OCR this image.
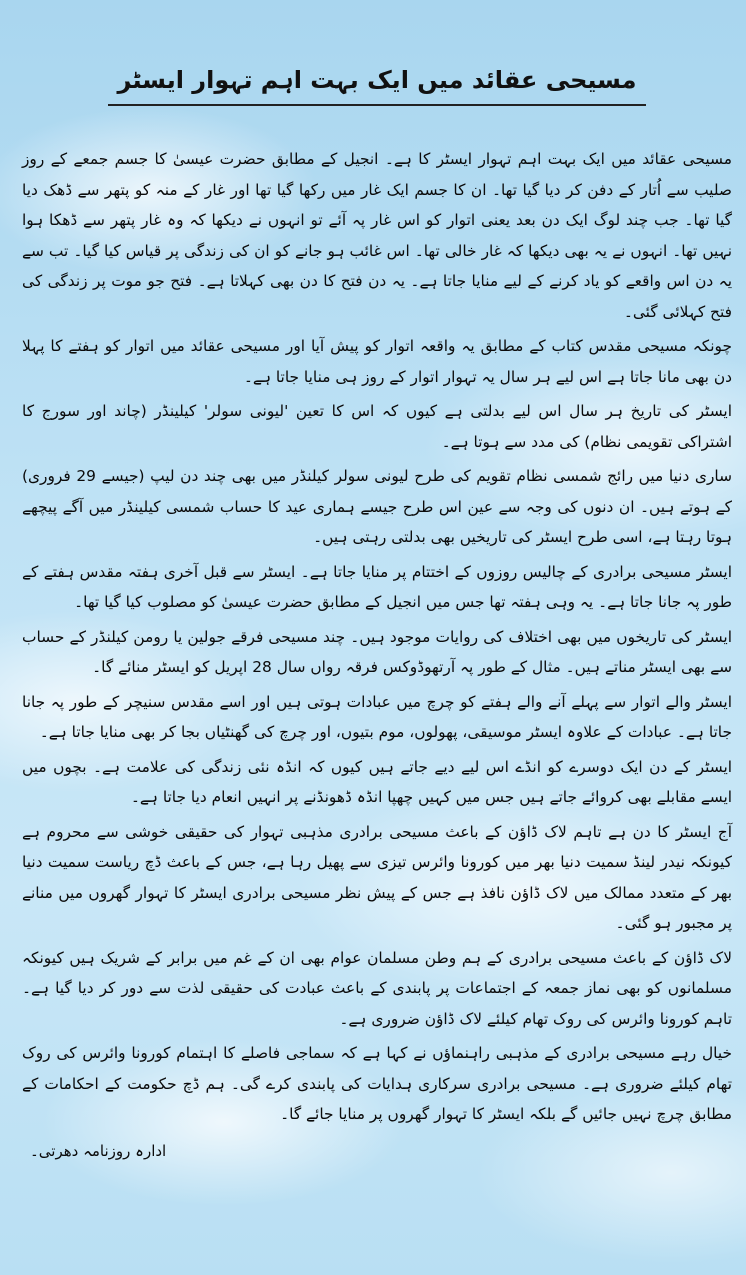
مسیحی عقائد میں ایک بہت اہم تہوار ایسٹر

مسیحی عقائد میں ایک بہت اہم تہوار ایسٹر کا ہے۔ انجیل کے مطابق حضرت عیسیٰ کا جسم جمعے کے روز صلیب سے اُتار کے دفن کر دیا گیا تھا۔ ان کا جسم ایک غار میں رکھا گیا تھا اور غار کے منہ کو پتھر سے ڈھک دیا گیا تھا۔ جب چند لوگ ایک دن بعد یعنی اتوار کو اس غار پہ آئے تو انہوں نے دیکھا کہ وہ غار پتھر سے ڈھکا ہوا نہیں تھا۔ انہوں نے یہ بھی دیکھا کہ غار خالی تھا۔ اس غائب ہو جانے کو ان کی زندگی پر قیاس کیا گیا۔ تب سے یہ دن اس واقعے کو یاد کرنے کے لیے منایا جاتا ہے۔ یہ دن فتح کا دن بھی کہلاتا ہے۔ فتح جو موت پر زندگی کی فتح کہلائی گئی۔

چونکہ مسیحی مقدس کتاب کے مطابق یہ واقعہ اتوار کو پیش آیا اور مسیحی عقائد میں اتوار کو ہفتے کا پہلا دن بھی مانا جاتا ہے اس لیے ہر سال یہ تہوار اتوار کے روز ہی منایا جاتا ہے۔

ایسٹر کی تاریخ ہر سال اس لیے بدلتی ہے کیوں کہ اس کا تعین 'لیونی سولر' کیلینڈر (چاند اور سورج کا اشتراکی تقویمی نظام) کی مدد سے ہوتا ہے۔

ساری دنیا میں رائج شمسی نظام تقویم کی طرح لیونی سولر کیلنڈر میں بھی چند دن لیپ (جیسے 29 فروری) کے ہوتے ہیں۔ ان دنوں کی وجہ سے عین اس طرح جیسے ہماری عید کا حساب شمسی کیلینڈر میں آگے پیچھے ہوتا رہتا ہے، اسی طرح ایسٹر کی تاریخیں بھی بدلتی رہتی ہیں۔

ایسٹر مسیحی برادری کے چالیس روزوں کے اختتام پر منایا جاتا ہے۔ ایسٹر سے قبل آخری ہفتہ مقدس ہفتے کے طور پہ جانا جاتا ہے۔ یہ وہی ہفتہ تھا جس میں انجیل کے مطابق حضرت عیسیٰ کو مصلوب کیا گیا تھا۔

ایسٹر کی تاریخوں میں بھی اختلاف کی روایات موجود ہیں۔ چند مسیحی فرقے جولین یا رومن کیلنڈر کے حساب سے بھی ایسٹر مناتے ہیں۔ مثال کے طور پہ آرتھوڈوکس فرقہ رواں سال 28 اپریل کو ایسٹر منائے گا۔

ایسٹر والے اتوار سے پہلے آنے والے ہفتے کو چرچ میں عبادات ہوتی ہیں اور اسے مقدس سنیچر کے طور پہ جانا جاتا ہے۔ عبادات کے علاوہ ایسٹر موسیقی، پھولوں، موم بتیوں، اور چرچ کی گھنٹیاں بجا کر بھی منایا جاتا ہے۔

ایسٹر کے دن ایک دوسرے کو انڈے اس لیے دیے جاتے ہیں کیوں کہ انڈہ نئی زندگی کی علامت ہے۔ بچوں میں ایسے مقابلے بھی کروائے جاتے ہیں جس میں کہیں چھپا انڈہ ڈھونڈنے پر انہیں انعام دیا جاتا ہے۔

آج ایسٹر کا دن ہے تاہم لاک ڈاؤن کے باعث مسیحی برادری مذہبی تہوار کی حقیقی خوشی سے محروم ہے کیونکہ نیدر لینڈ سمیت دنیا بھر میں کورونا وائرس تیزی سے پھیل رہا ہے، جس کے باعث ڈچ ریاست سمیت دنیا بھر کے متعدد ممالک میں لاک ڈاؤن نافذ ہے جس کے پیش نظر مسیحی برادری ایسٹر کا تہوار گھروں میں منانے پر مجبور ہو گئی۔

لاک ڈاؤن کے باعث مسیحی برادری کے ہم وطن مسلمان عوام بھی ان کے غم میں برابر کے شریک ہیں کیونکہ مسلمانوں کو بھی نماز جمعہ کے اجتماعات پر پابندی کے باعث عبادت کی حقیقی لذت سے دور کر دیا گیا ہے۔ تاہم کورونا وائرس کی روک تھام کیلئے لاک ڈاؤن ضروری ہے۔

خیال رہے مسیحی برادری کے مذہبی راہنماؤں نے کہا ہے کہ سماجی فاصلے کا اہتمام کورونا وائرس کی روک تھام کیلئے ضروری ہے۔ مسیحی برادری سرکاری ہدایات کی پابندی کرے گی۔ ہم ڈچ حکومت کے احکامات کے مطابق چرچ نہیں جائیں گے بلکہ ایسٹر کا تہوار گھروں پر منایا جائے گا۔

ادارہ روزنامہ دھرتی۔
